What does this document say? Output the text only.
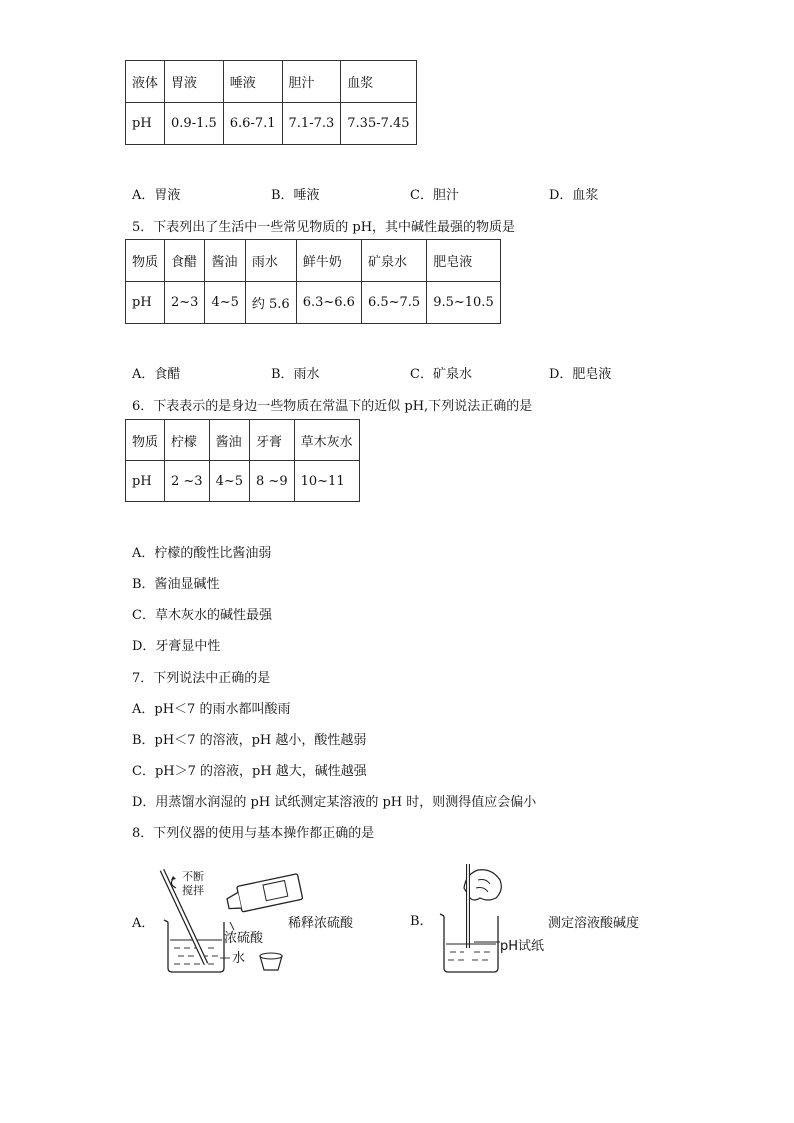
液体	胃液	唾液	胆汁	血浆
pH	0.9-1.5	6.6-7.1	7.1-7.3	7.35-7.45
A．胃液	B．唾液	C．胆汁	D．血浆
5．下表列出了生活中一些常见物质的 pH，其中碱性最强的物质是
物质	食醋	酱油	雨水	鲜牛奶	矿泉水	肥皂液
pH	2~3	4~5	约 5.6	6.3~6.6	6.5~7.5	9.5~10.5
A．食醋	B．雨水	C．矿泉水	D．肥皂液
6．下表表示的是身边一些物质在常温下的近似 pH,下列说法正确的是
物质	柠檬	酱油	牙膏	草木灰水
pH	2 ~3	4~5	8 ~9	10~11
A．柠檬的酸性比酱油弱
B．酱油显碱性
C．草木灰水的碱性最强
D．牙膏显中性
7．下列说法中正确的是
A．pH＜7 的雨水都叫酸雨
B．pH＜7 的溶液，pH 越小，酸性越弱
C．pH＞7 的溶液，pH 越大，碱性越强
D．用蒸馏水润湿的 pH 试纸测定某溶液的 pH 时，则测得值应会偏小
8．下列仪器的使用与基本操作都正确的是
A．
不断
搅拌
浓硫酸
水
稀释浓硫酸	B．
pH试纸
测定溶液酸碱度
